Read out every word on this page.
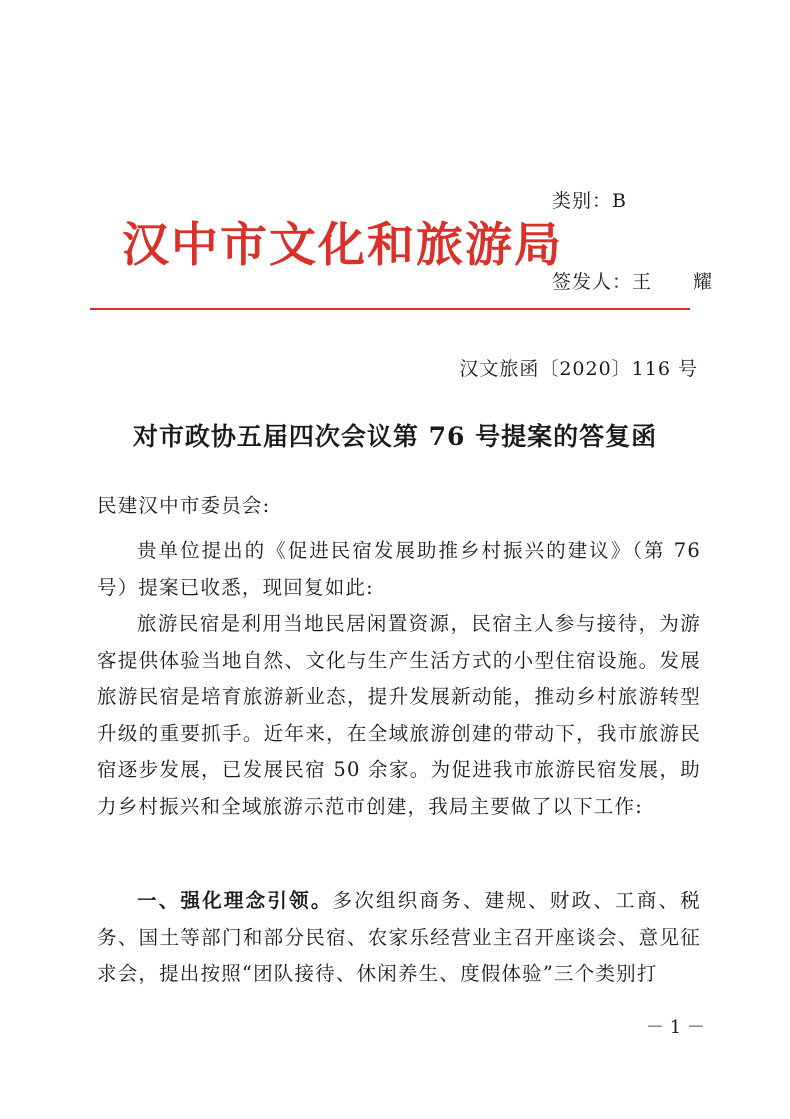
类别：B
汉中市文化和旅游局
签发人：王 耀
汉文旅函〔2020〕116 号
对市政协五届四次会议第 76 号提案的答复函
民建汉中市委员会:
贵单位提出的《促进民宿发展助推乡村振兴的建议》（第 76 号）提案已收悉，现回复如此:
旅游民宿是利用当地民居闲置资源，民宿主人参与接待，为游客提供体验当地自然、文化与生产生活方式的小型住宿设施。发展旅游民宿是培育旅游新业态，提升发展新动能，推动乡村旅游转型升级的重要抓手。近年来，在全域旅游创建的带动下，我市旅游民宿逐步发展，已发展民宿 50 余家。为促进我市旅游民宿发展，助力乡村振兴和全域旅游示范市创建，我局主要做了以下工作:
一、强化理念引领。多次组织商务、建规、财政、工商、税务、国土等部门和部分民宿、农家乐经营业主召开座谈会、意见征求会，提出按照“团队接待、休闲养生、度假体验”三个类别打
－ 1 －
